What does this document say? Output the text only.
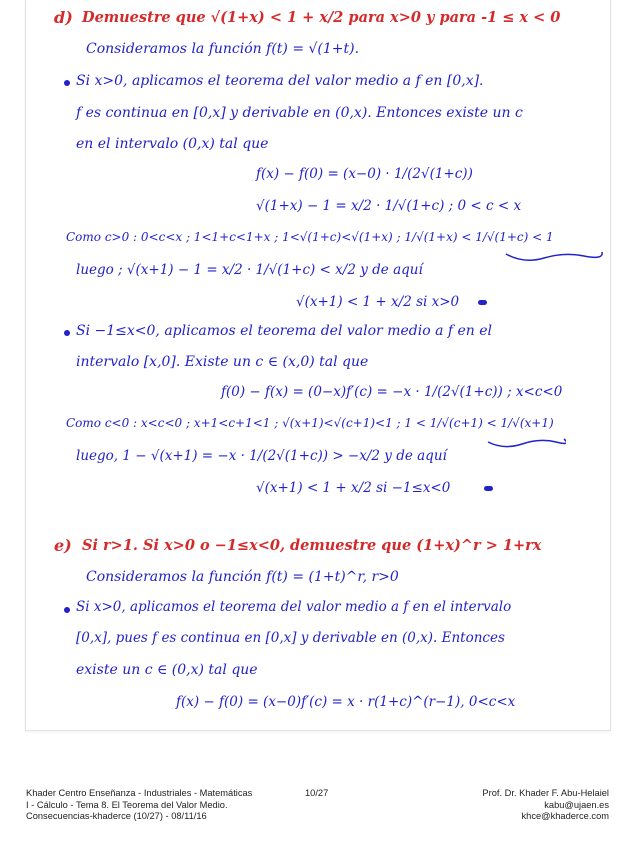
d) Demuestre que √(1+x) < 1 + x/2 para x>0 y para -1 ≤ x < 0
Consideramos la función f(t) = √(1+t).
Si x>0, aplicamos el teorema del valor medio a f en [0,x].
f es continua en [0,x] y derivable en (0,x). Entonces existe un c
en el intervalo (0,x) tal que
f(x) − f(0) = (x−0) · 1/(2√(1+c))
√(1+x) − 1 = x/2 · 1/√(1+c) ; 0 < c < x
Como c>0 : 0<c<x ; 1<1+c<1+x ; 1<√(1+c)<√(1+x) ; 1/√(1+x) < 1/√(1+c) < 1
luego ; √(x+1) − 1 = x/2 · 1/√(1+c) < x/2 y de aquí
√(x+1) < 1 + x/2 si x>0
Si −1≤x<0, aplicamos el teorema del valor medio a f en el
intervalo [x,0]. Existe un c ∈ (x,0) tal que
f(0) − f(x) = (0−x)f′(c) = −x · 1/(2√(1+c)) ; x<c<0
Como c<0 : x<c<0 ; x+1<c+1<1 ; √(x+1)<√(c+1)<1 ; 1 < 1/√(c+1) < 1/√(x+1)
luego, 1 − √(x+1) = −x · 1/(2√(1+c)) > −x/2 y de aquí
√(x+1) < 1 + x/2 si −1≤x<0
e) Si r>1. Si x>0 o −1≤x<0, demuestre que (1+x)^r > 1+rx
Consideramos la función f(t) = (1+t)^r, r>0
Si x>0, aplicamos el teorema del valor medio a f en el intervalo
[0,x], pues f es continua en [0,x] y derivable en (0,x). Entonces
existe un c ∈ (0,x) tal que
f(x) − f(0) = (x−0)f′(c) = x · r(1+c)^(r−1), 0<c<x
Khader Centro Enseñanza - Industriales - Matemáticas I - Cálculo - Tema 8. El Teorema del Valor Medio. Consecuencias-khaderce (10/27) - 08/11/16
10/27	Prof. Dr. Khader F. Abu-Helaiel
kabu@ujaen.es
khce@khaderce.com
